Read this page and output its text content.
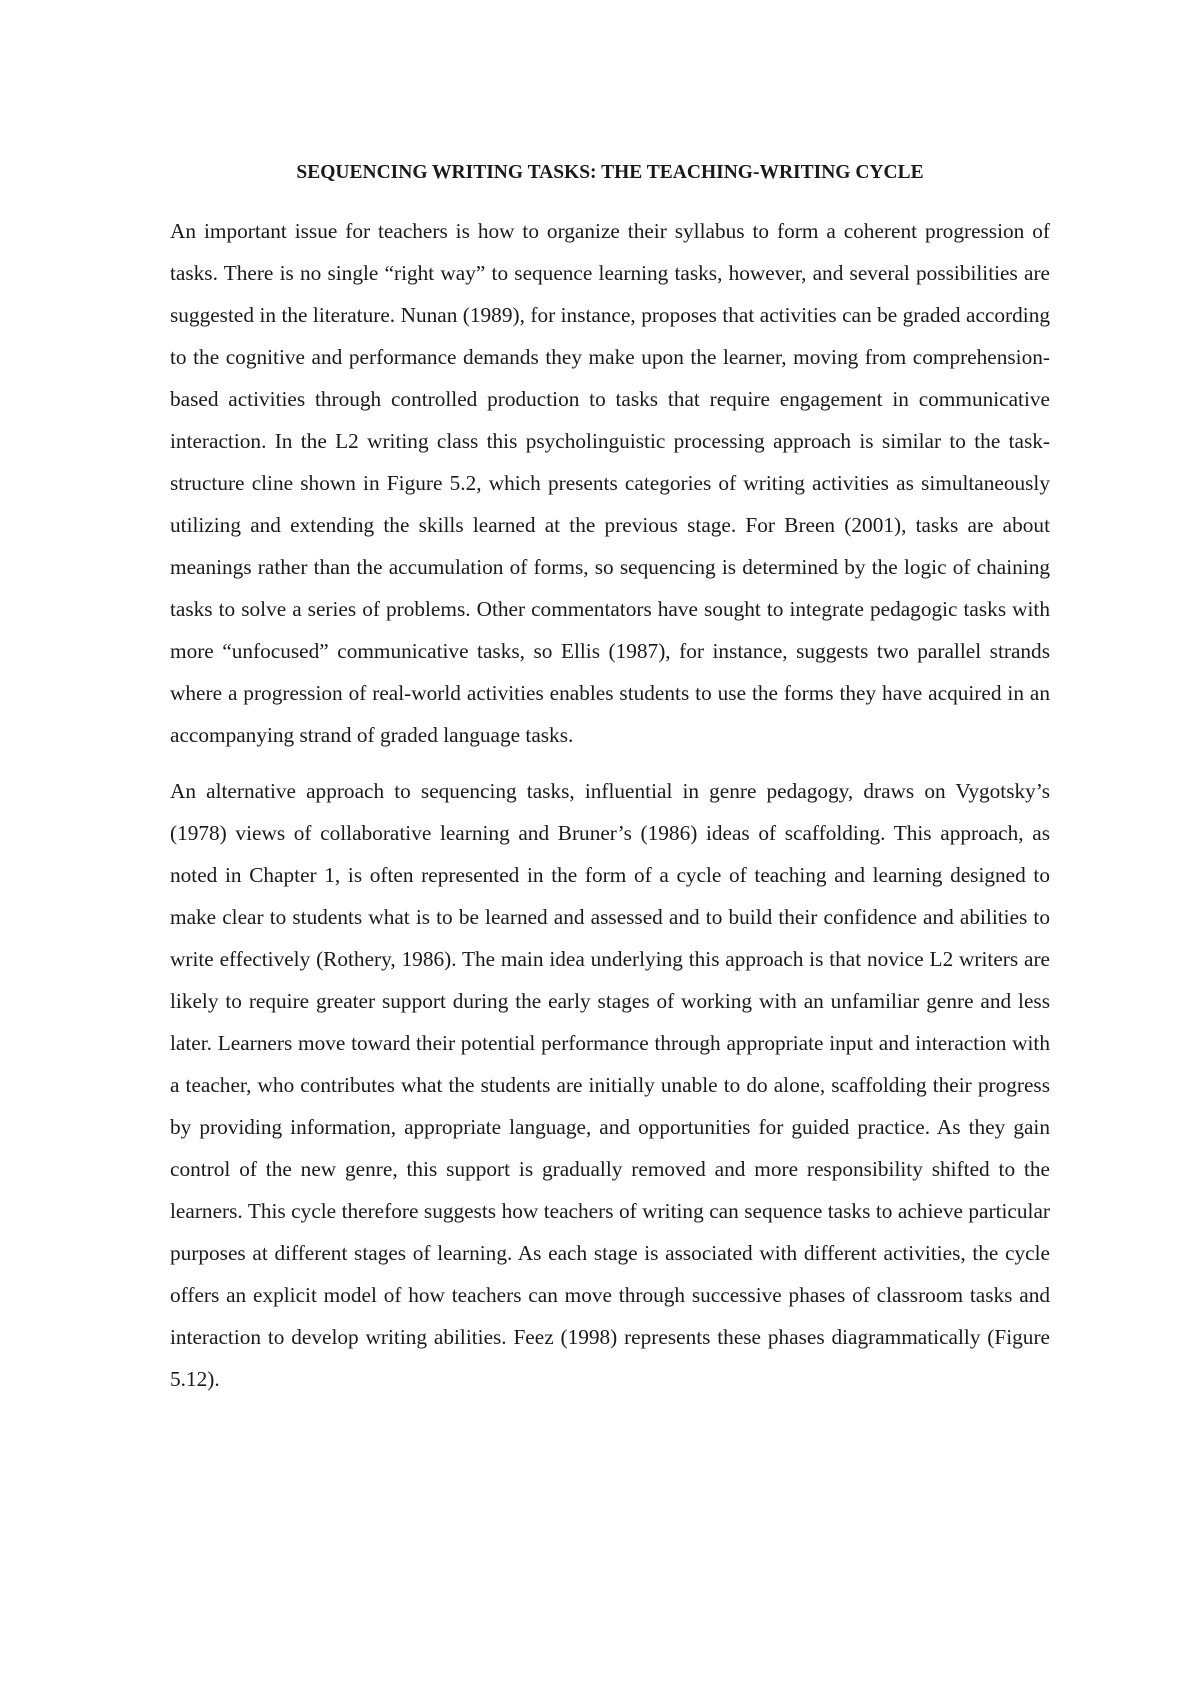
SEQUENCING WRITING TASKS: THE TEACHING-WRITING CYCLE

An important issue for teachers is how to organize their syllabus to form a coherent progression of tasks. There is no single “right way” to sequence learning tasks, however, and several possibilities are suggested in the literature. Nunan (1989), for instance, proposes that activities can be graded according to the cognitive and performance demands they make upon the learner, moving from comprehension-based activities through controlled production to tasks that require engagement in communicative interaction. In the L2 writing class this psycholinguistic processing approach is similar to the task-structure cline shown in Figure 5.2, which presents categories of writing activities as simultaneously utilizing and extending the skills learned at the previous stage. For Breen (2001), tasks are about meanings rather than the accumulation of forms, so sequencing is determined by the logic of chaining tasks to solve a series of problems. Other commentators have sought to integrate pedagogic tasks with more “unfocused” communicative tasks, so Ellis (1987), for instance, suggests two parallel strands where a progression of real-world activities enables students to use the forms they have acquired in an accompanying strand of graded language tasks.

An alternative approach to sequencing tasks, influential in genre pedagogy, draws on Vygotsky’s (1978) views of collaborative learning and Bruner’s (1986) ideas of scaffolding. This approach, as noted in Chapter 1, is often represented in the form of a cycle of teaching and learning designed to make clear to students what is to be learned and assessed and to build their confidence and abilities to write effectively (Rothery, 1986). The main idea underlying this approach is that novice L2 writers are likely to require greater support during the early stages of working with an unfamiliar genre and less later. Learners move toward their potential performance through appropriate input and interaction with a teacher, who contributes what the students are initially unable to do alone, scaffolding their progress by providing information, appropriate language, and opportunities for guided practice. As they gain control of the new genre, this support is gradually removed and more responsibility shifted to the learners. This cycle therefore suggests how teachers of writing can sequence tasks to achieve particular purposes at different stages of learning. As each stage is associated with different activities, the cycle offers an explicit model of how teachers can move through successive phases of classroom tasks and interaction to develop writing abilities. Feez (1998) represents these phases diagrammatically (Figure 5.12).
